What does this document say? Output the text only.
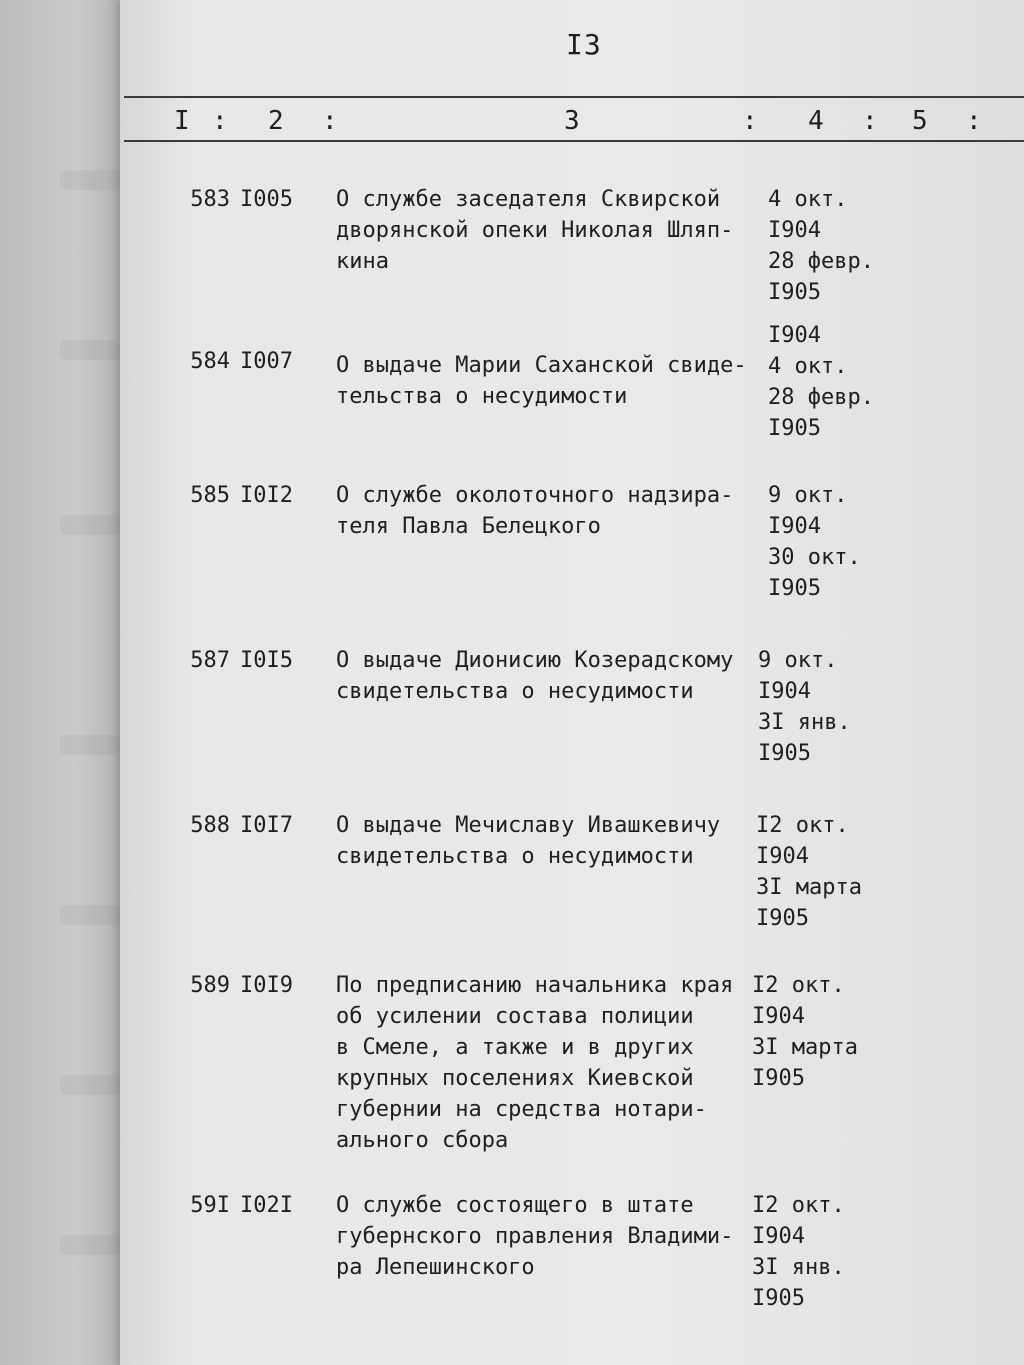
I3
I : 2 :	3	: 4 : 5 :
583 I005 О службе заседателя Сквирской
дворянской опеки Николая Шляп-
кина
4 окт.
I904
28 февр.
I905
584 I007 О выдаче Марии Саханской свиде-
тельства о несудимости
I904
4 окт.
28 февр.
I905
585 I0I2 О службе околоточного надзира-
теля Павла Белецкого
9 окт.
I904
30 окт.
I905
587 I0I5 О выдаче Дионисию Козерадскому
свидетельства о несудимости
9 окт.
I904
3I янв.
I905
588 I0I7 О выдаче Мечиславу Ивашкевичу
свидетельства о несудимости
I2 окт.
I904
3I марта
I905
589 I0I9 По предписанию начальника края
об усилении состава полиции
в Смеле, а также и в других
крупных поселениях Киевской
губернии на средства нотари-
ального сбора
I2 окт.
I904
3I марта
I905
59I I02I О службе состоящего в штате
губернского правления Владими-
ра Лепешинского
I2 окт.
I904
3I янв.
I905
